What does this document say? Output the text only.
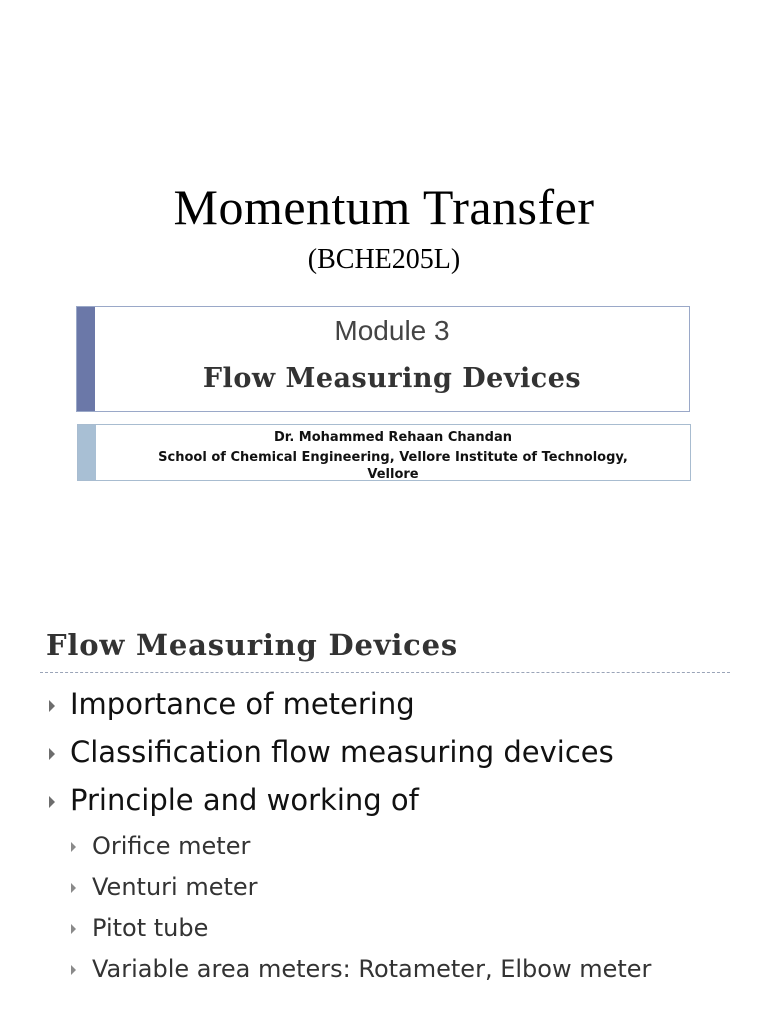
Momentum Transfer
(BCHE205L)
Module 3
Flow Measuring Devices
Dr. Mohammed Rehaan Chandan
School of Chemical Engineering, Vellore Institute of Technology,
Vellore
Flow Measuring Devices
Importance of metering
Classification flow measuring devices
Principle and working of
Orifice meter
Venturi meter
Pitot tube
Variable area meters: Rotameter, Elbow meter
